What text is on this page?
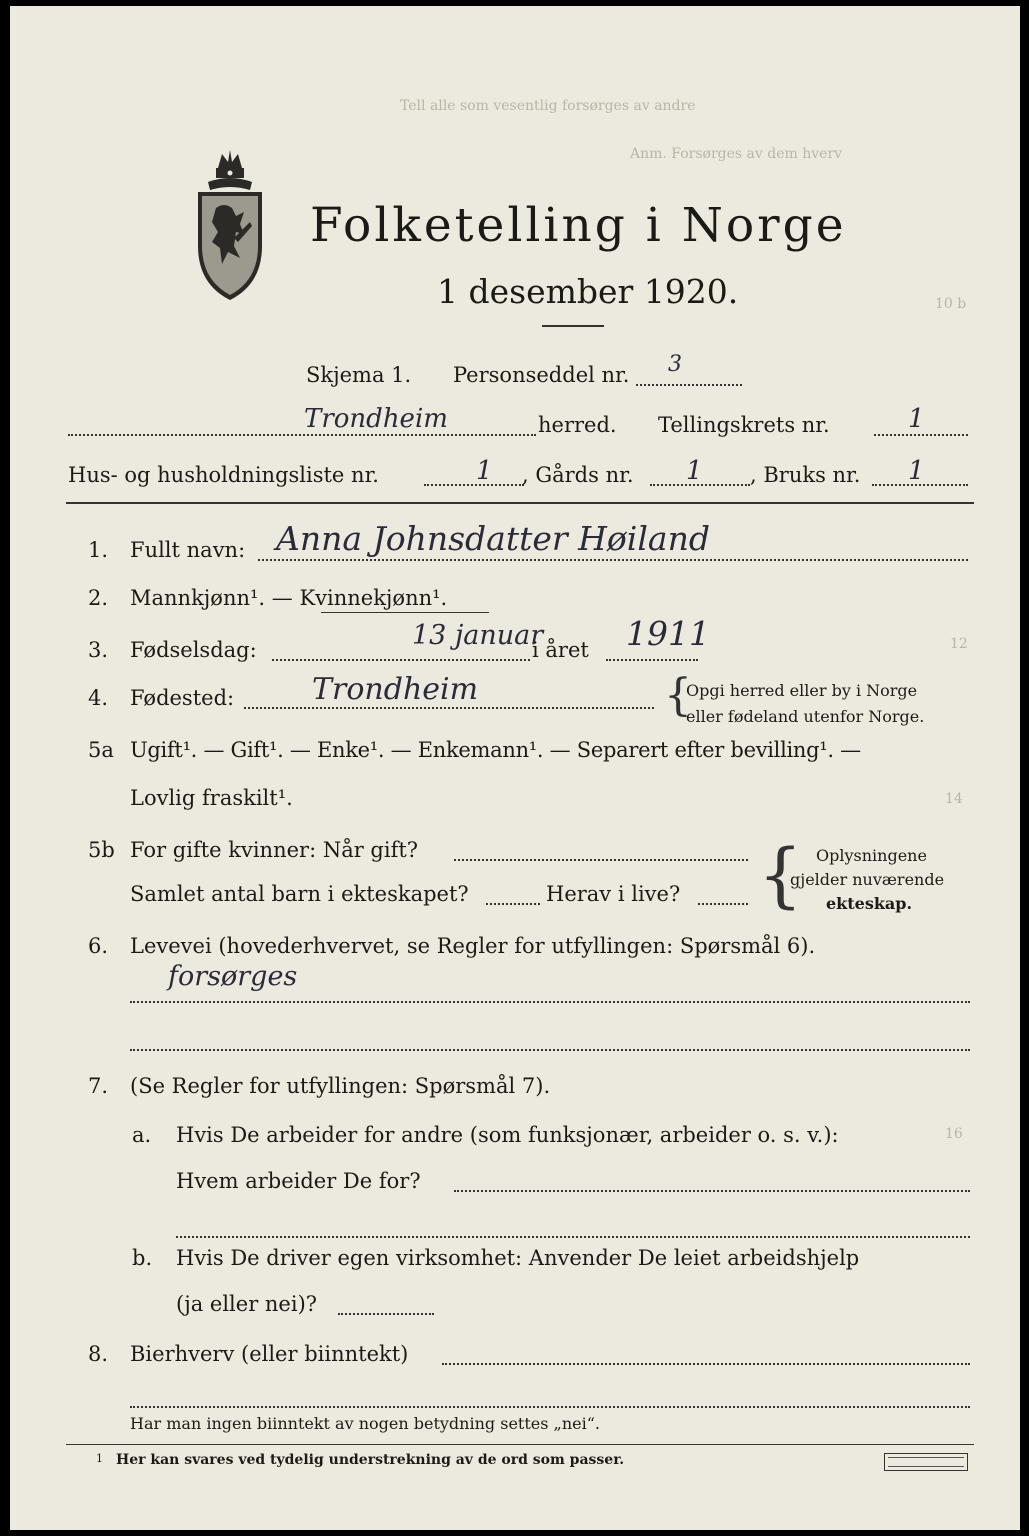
Tell alle som vesentlig forsørges av andre
Anm. Forsørges av dem hverv
10 b
12
14
16
Folketelling i Norge
1 desember 1920.
Skjema 1. Personseddel nr. 3
Trondheim	herred. Tellingskrets nr.	1
Hus- og husholdningsliste nr.	1 , Gårds nr. 1 , Bruks nr. 1
1. Fullt navn: Anna Johnsdatter Høiland
2. Mannkjønn¹. — Kvinnekjønn¹.
3. Fødselsdag:	13 januar
i året 1911
4. Fødested:	Trondheim	{
Opgi herred eller by i Norge
eller fødeland utenfor Norge.
5a Ugift¹. — Gift¹. — Enke¹. — Enkemann¹. — Separert efter bevilling¹. —
Lovlig fraskilt¹.
5b For gifte kvinner: Når gift?
Samlet antal barn i ekteskapet?	Herav i live? { Oplysningene
gjelder nuværende
ekteskap.
6. Levevei (hovederhvervet, se Regler for utfyllingen: Spørsmål 6).
forsørges
7. (Se Regler for utfyllingen: Spørsmål 7).
a. Hvis De arbeider for andre (som funksjonær, arbeider o. s. v.):
Hvem arbeider De for?
b. Hvis De driver egen virksomhet: Anvender De leiet arbeidshjelp
(ja eller nei)?
8. Bierhverv (eller biinntekt)
Har man ingen biinntekt av nogen betydning settes „nei“.
1 Her kan svares ved tydelig understrekning av de ord som passer.
